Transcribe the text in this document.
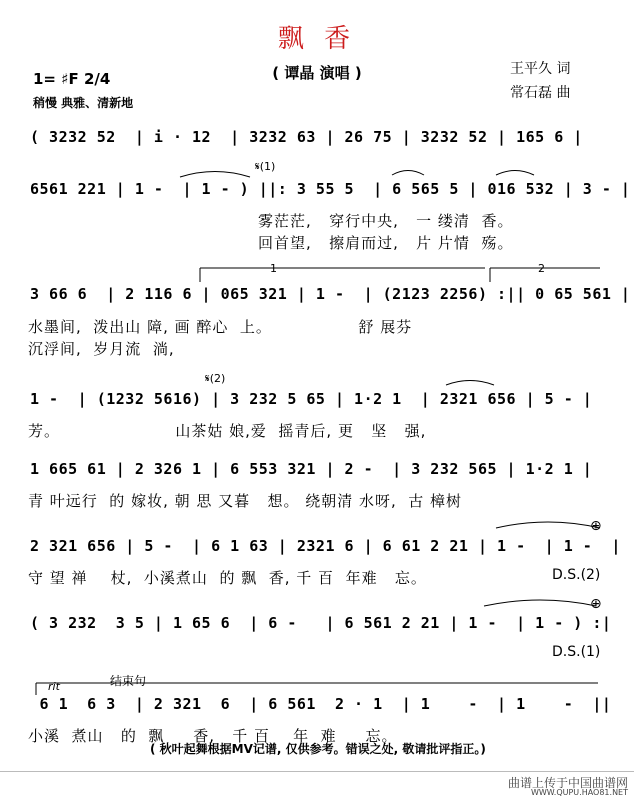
飘 香
( 谭晶 演唱 )	王平久 词
常石磊 曲
1= ♯F 2/4
稍慢 典雅、清新地
( 3232 52  | i · 12  | 3232 63 | 26 75 | 3232 52 | 165 6 |
𝄋(1)
6561 221 | 1 -  | 1 - ) ||: 3 55 5  | 6 565 5 | 016 532 | 3 - |
雾茫茫,   穿行中央,   一 缕清  香。
回首望,   擦肩而过,   片 片情  殇。
1	2
3 66 6  | 2 116 6 | 065 321 | 1 -  | (2123 2256) :|| 0 65 561 |
水墨间,  泼出山 障, 画 醉心  上。               舒 展芬
沉浮间,  岁月流  淌,
𝄋(2)
1 -  | (1232 5616) | 3 232 5 65 | 1·2 1  | 2321 656 | 5 - |
芳。                    山茶姑 娘,爱  摇青后, 更   坚   强,
1 665 61 | 2 326 1 | 6 553 321 | 2 -  | 3 232 565 | 1·2 1 |
青 叶远行  的 嫁妆, 朝 思 又暮   想。 绕朝清 水呀,  古 樟树
⊕
2 321 656 | 5 -  | 6 1 63 | 2321 6 | 6 61 2 21 | 1 -  | 1 -  |
守 望 禅    杖,  小溪煮山  的 飘  香, 千 百  年难   忘。	D.S.(2)
⊕
( 3 232  3 5 | 1 65 6  | 6 -   | 6 561 2 21 | 1 -  | 1 - ) :|
D.S.(1)
rit	结束句
6 1  6 3  | 2 321  6  | 6 561  2 · 1  | 1    -  | 1    -  ||
小溪  煮山   的  飘     香,   千 百    年  难     忘。
( 秋叶起舞根据MV记谱, 仅供参考。错误之处, 敬请批评指正。)
曲谱上传于中国曲谱网
WWW.QUPU.HAO81.NET
